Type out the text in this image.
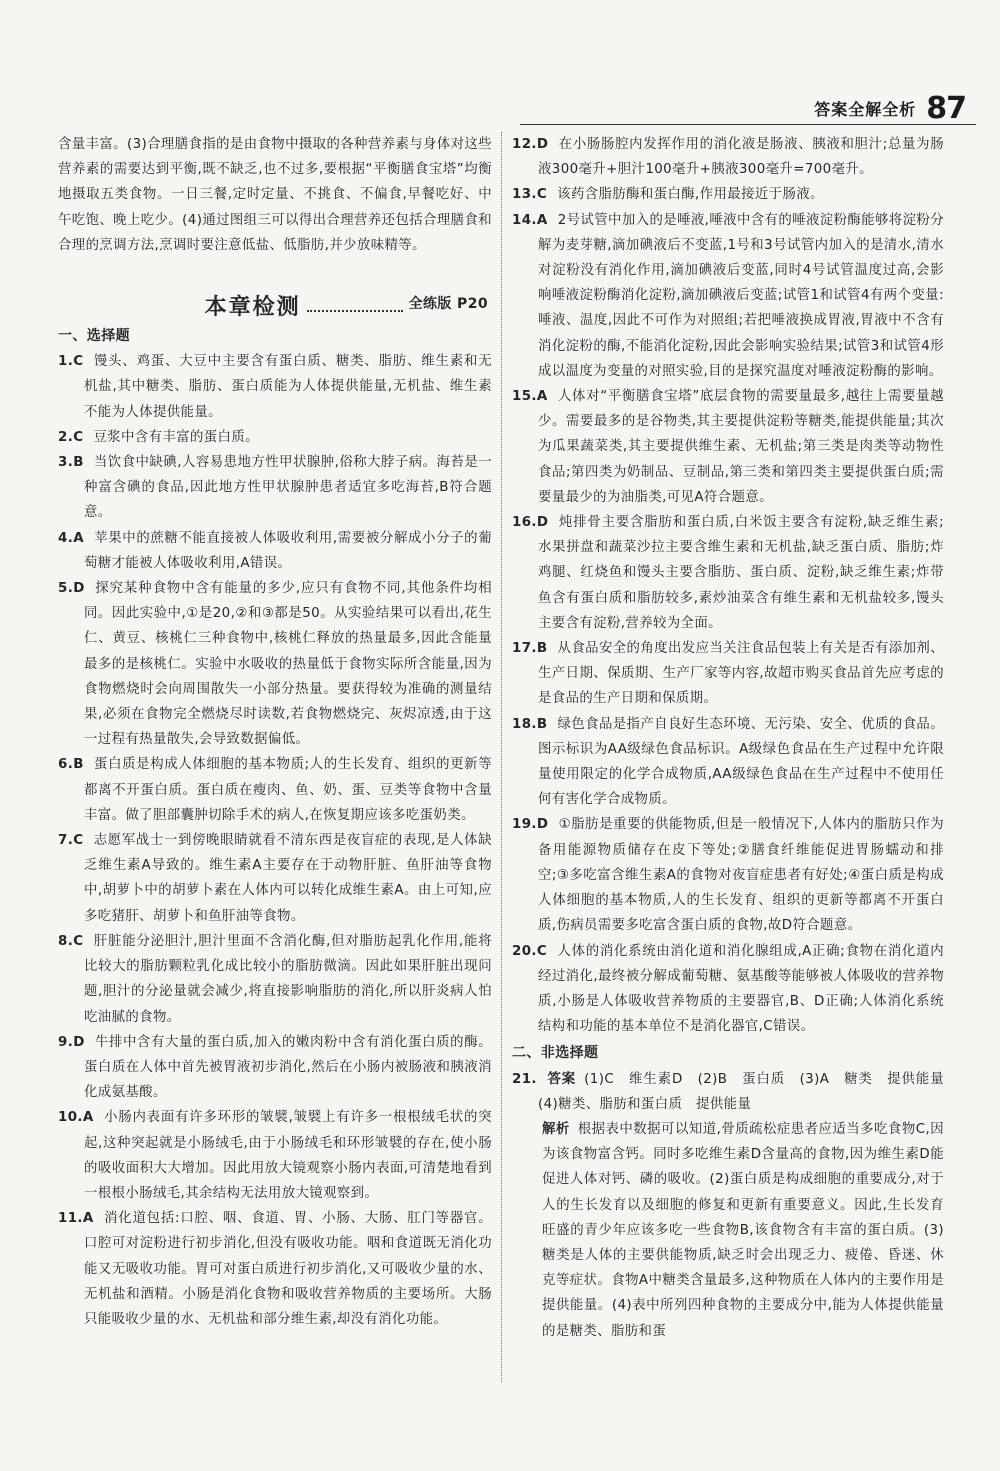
答案全解全析 87
含量丰富。(3)合理膳食指的是由食物中摄取的各种营养素与身体对这些营养素的需要达到平衡,既不缺乏,也不过多,要根据“平衡膳食宝塔”均衡地摄取五类食物。一日三餐,定时定量、不挑食、不偏食,早餐吃好、中午吃饱、晚上吃少。(4)通过图组三可以得出合理营养还包括合理膳食和合理的烹调方法,烹调时要注意低盐、低脂肪,并少放味精等。
本章检测	全练版 P20
一、选择题
1.C 馒头、鸡蛋、大豆中主要含有蛋白质、糖类、脂肪、维生素和无机盐,其中糖类、脂肪、蛋白质能为人体提供能量,无机盐、维生素不能为人体提供能量。
2.C 豆浆中含有丰富的蛋白质。
3.B 当饮食中缺碘,人容易患地方性甲状腺肿,俗称大脖子病。海苔是一种富含碘的食品,因此地方性甲状腺肿患者适宜多吃海苔,B符合题意。
4.A 苹果中的蔗糖不能直接被人体吸收利用,需要被分解成小分子的葡萄糖才能被人体吸收利用,A错误。
5.D 探究某种食物中含有能量的多少,应只有食物不同,其他条件均相同。因此实验中,①是20,②和③都是50。从实验结果可以看出,花生仁、黄豆、核桃仁三种食物中,核桃仁释放的热量最多,因此含能量最多的是核桃仁。实验中水吸收的热量低于食物实际所含能量,因为食物燃烧时会向周围散失一小部分热量。要获得较为准确的测量结果,必须在食物完全燃烧尽时读数,若食物燃烧完、灰烬凉透,由于这一过程有热量散失,会导致数据偏低。
6.B 蛋白质是构成人体细胞的基本物质;人的生长发育、组织的更新等都离不开蛋白质。蛋白质在瘦肉、鱼、奶、蛋、豆类等食物中含量丰富。做了胆部囊肿切除手术的病人,在恢复期应该多吃蛋奶类。
7.C 志愿军战士一到傍晚眼睛就看不清东西是夜盲症的表现,是人体缺乏维生素A导致的。维生素A主要存在于动物肝脏、鱼肝油等食物中,胡萝卜中的胡萝卜素在人体内可以转化成维生素A。由上可知,应多吃猪肝、胡萝卜和鱼肝油等食物。
8.C 肝脏能分泌胆汁,胆汁里面不含消化酶,但对脂肪起乳化作用,能将比较大的脂肪颗粒乳化成比较小的脂肪微滴。因此如果肝脏出现问题,胆汁的分泌量就会减少,将直接影响脂肪的消化,所以肝炎病人怕吃油腻的食物。
9.D 牛排中含有大量的蛋白质,加入的嫩肉粉中含有消化蛋白质的酶。蛋白质在人体中首先被胃液初步消化,然后在小肠内被肠液和胰液消化成氨基酸。
10.A 小肠内表面有许多环形的皱襞,皱襞上有许多一根根绒毛状的突起,这种突起就是小肠绒毛,由于小肠绒毛和环形皱襞的存在,使小肠的吸收面积大大增加。因此用放大镜观察小肠内表面,可清楚地看到一根根小肠绒毛,其余结构无法用放大镜观察到。
11.A 消化道包括:口腔、咽、食道、胃、小肠、大肠、肛门等器官。口腔可对淀粉进行初步消化,但没有吸收功能。咽和食道既无消化功能又无吸收功能。胃可对蛋白质进行初步消化,又可吸收少量的水、无机盐和酒精。小肠是消化食物和吸收营养物质的主要场所。大肠只能吸收少量的水、无机盐和部分维生素,却没有消化功能。
12.D 在小肠肠腔内发挥作用的消化液是肠液、胰液和胆汁;总量为肠液300毫升+胆汁100毫升+胰液300毫升=700毫升。
13.C 该药含脂肪酶和蛋白酶,作用最接近于肠液。
14.A 2号试管中加入的是唾液,唾液中含有的唾液淀粉酶能够将淀粉分解为麦芽糖,滴加碘液后不变蓝,1号和3号试管内加入的是清水,清水对淀粉没有消化作用,滴加碘液后变蓝,同时4号试管温度过高,会影响唾液淀粉酶消化淀粉,滴加碘液后变蓝;试管1和试管4有两个变量:唾液、温度,因此不可作为对照组;若把唾液换成胃液,胃液中不含有消化淀粉的酶,不能消化淀粉,因此会影响实验结果;试管3和试管4形成以温度为变量的对照实验,目的是探究温度对唾液淀粉酶的影响。
15.A 人体对“平衡膳食宝塔”底层食物的需要量最多,越往上需要量越少。需要最多的是谷物类,其主要提供淀粉等糖类,能提供能量;其次为瓜果蔬菜类,其主要提供维生素、无机盐;第三类是肉类等动物性食品;第四类为奶制品、豆制品,第三类和第四类主要提供蛋白质;需要量最少的为油脂类,可见A符合题意。
16.D 炖排骨主要含脂肪和蛋白质,白米饭主要含有淀粉,缺乏维生素;水果拼盘和蔬菜沙拉主要含维生素和无机盐,缺乏蛋白质、脂肪;炸鸡腿、红烧鱼和馒头主要含脂肪、蛋白质、淀粉,缺乏维生素;炸带鱼含有蛋白质和脂肪较多,素炒油菜含有维生素和无机盐较多,馒头主要含有淀粉,营养较为全面。
17.B 从食品安全的角度出发应当关注食品包装上有关是否有添加剂、生产日期、保质期、生产厂家等内容,故超市购买食品首先应考虑的是食品的生产日期和保质期。
18.B 绿色食品是指产自良好生态环境、无污染、安全、优质的食品。图示标识为AA级绿色食品标识。A级绿色食品在生产过程中允许限量使用限定的化学合成物质,AA级绿色食品在生产过程中不使用任何有害化学合成物质。
19.D ①脂肪是重要的供能物质,但是一般情况下,人体内的脂肪只作为备用能源物质储存在皮下等处;②膳食纤维能促进胃肠蠕动和排空;③多吃富含维生素A的食物对夜盲症患者有好处;④蛋白质是构成人体细胞的基本物质,人的生长发育、组织的更新等都离不开蛋白质,伤病员需要多吃富含蛋白质的食物,故D符合题意。
20.C 人体的消化系统由消化道和消化腺组成,A正确;食物在消化道内经过消化,最终被分解成葡萄糖、氨基酸等能够被人体吸收的营养物质,小肠是人体吸收营养物质的主要器官,B、D正确;人体消化系统结构和功能的基本单位不是消化器官,C错误。
二、非选择题
21. 答案 (1)C　维生素D　(2)B　蛋白质　(3)A　糖类　提供能量　(4)糖类、脂肪和蛋白质　提供能量
解析 根据表中数据可以知道,骨质疏松症患者应适当多吃食物C,因为该食物富含钙。同时多吃维生素D含量高的食物,因为维生素D能促进人体对钙、磷的吸收。(2)蛋白质是构成细胞的重要成分,对于人的生长发育以及细胞的修复和更新有重要意义。因此,生长发育旺盛的青少年应该多吃一些食物B,该食物含有丰富的蛋白质。(3)糖类是人体的主要供能物质,缺乏时会出现乏力、疲倦、昏迷、休克等症状。食物A中糖类含量最多,这种物质在人体内的主要作用是提供能量。(4)表中所列四种食物的主要成分中,能为人体提供能量的是糖类、脂肪和蛋
